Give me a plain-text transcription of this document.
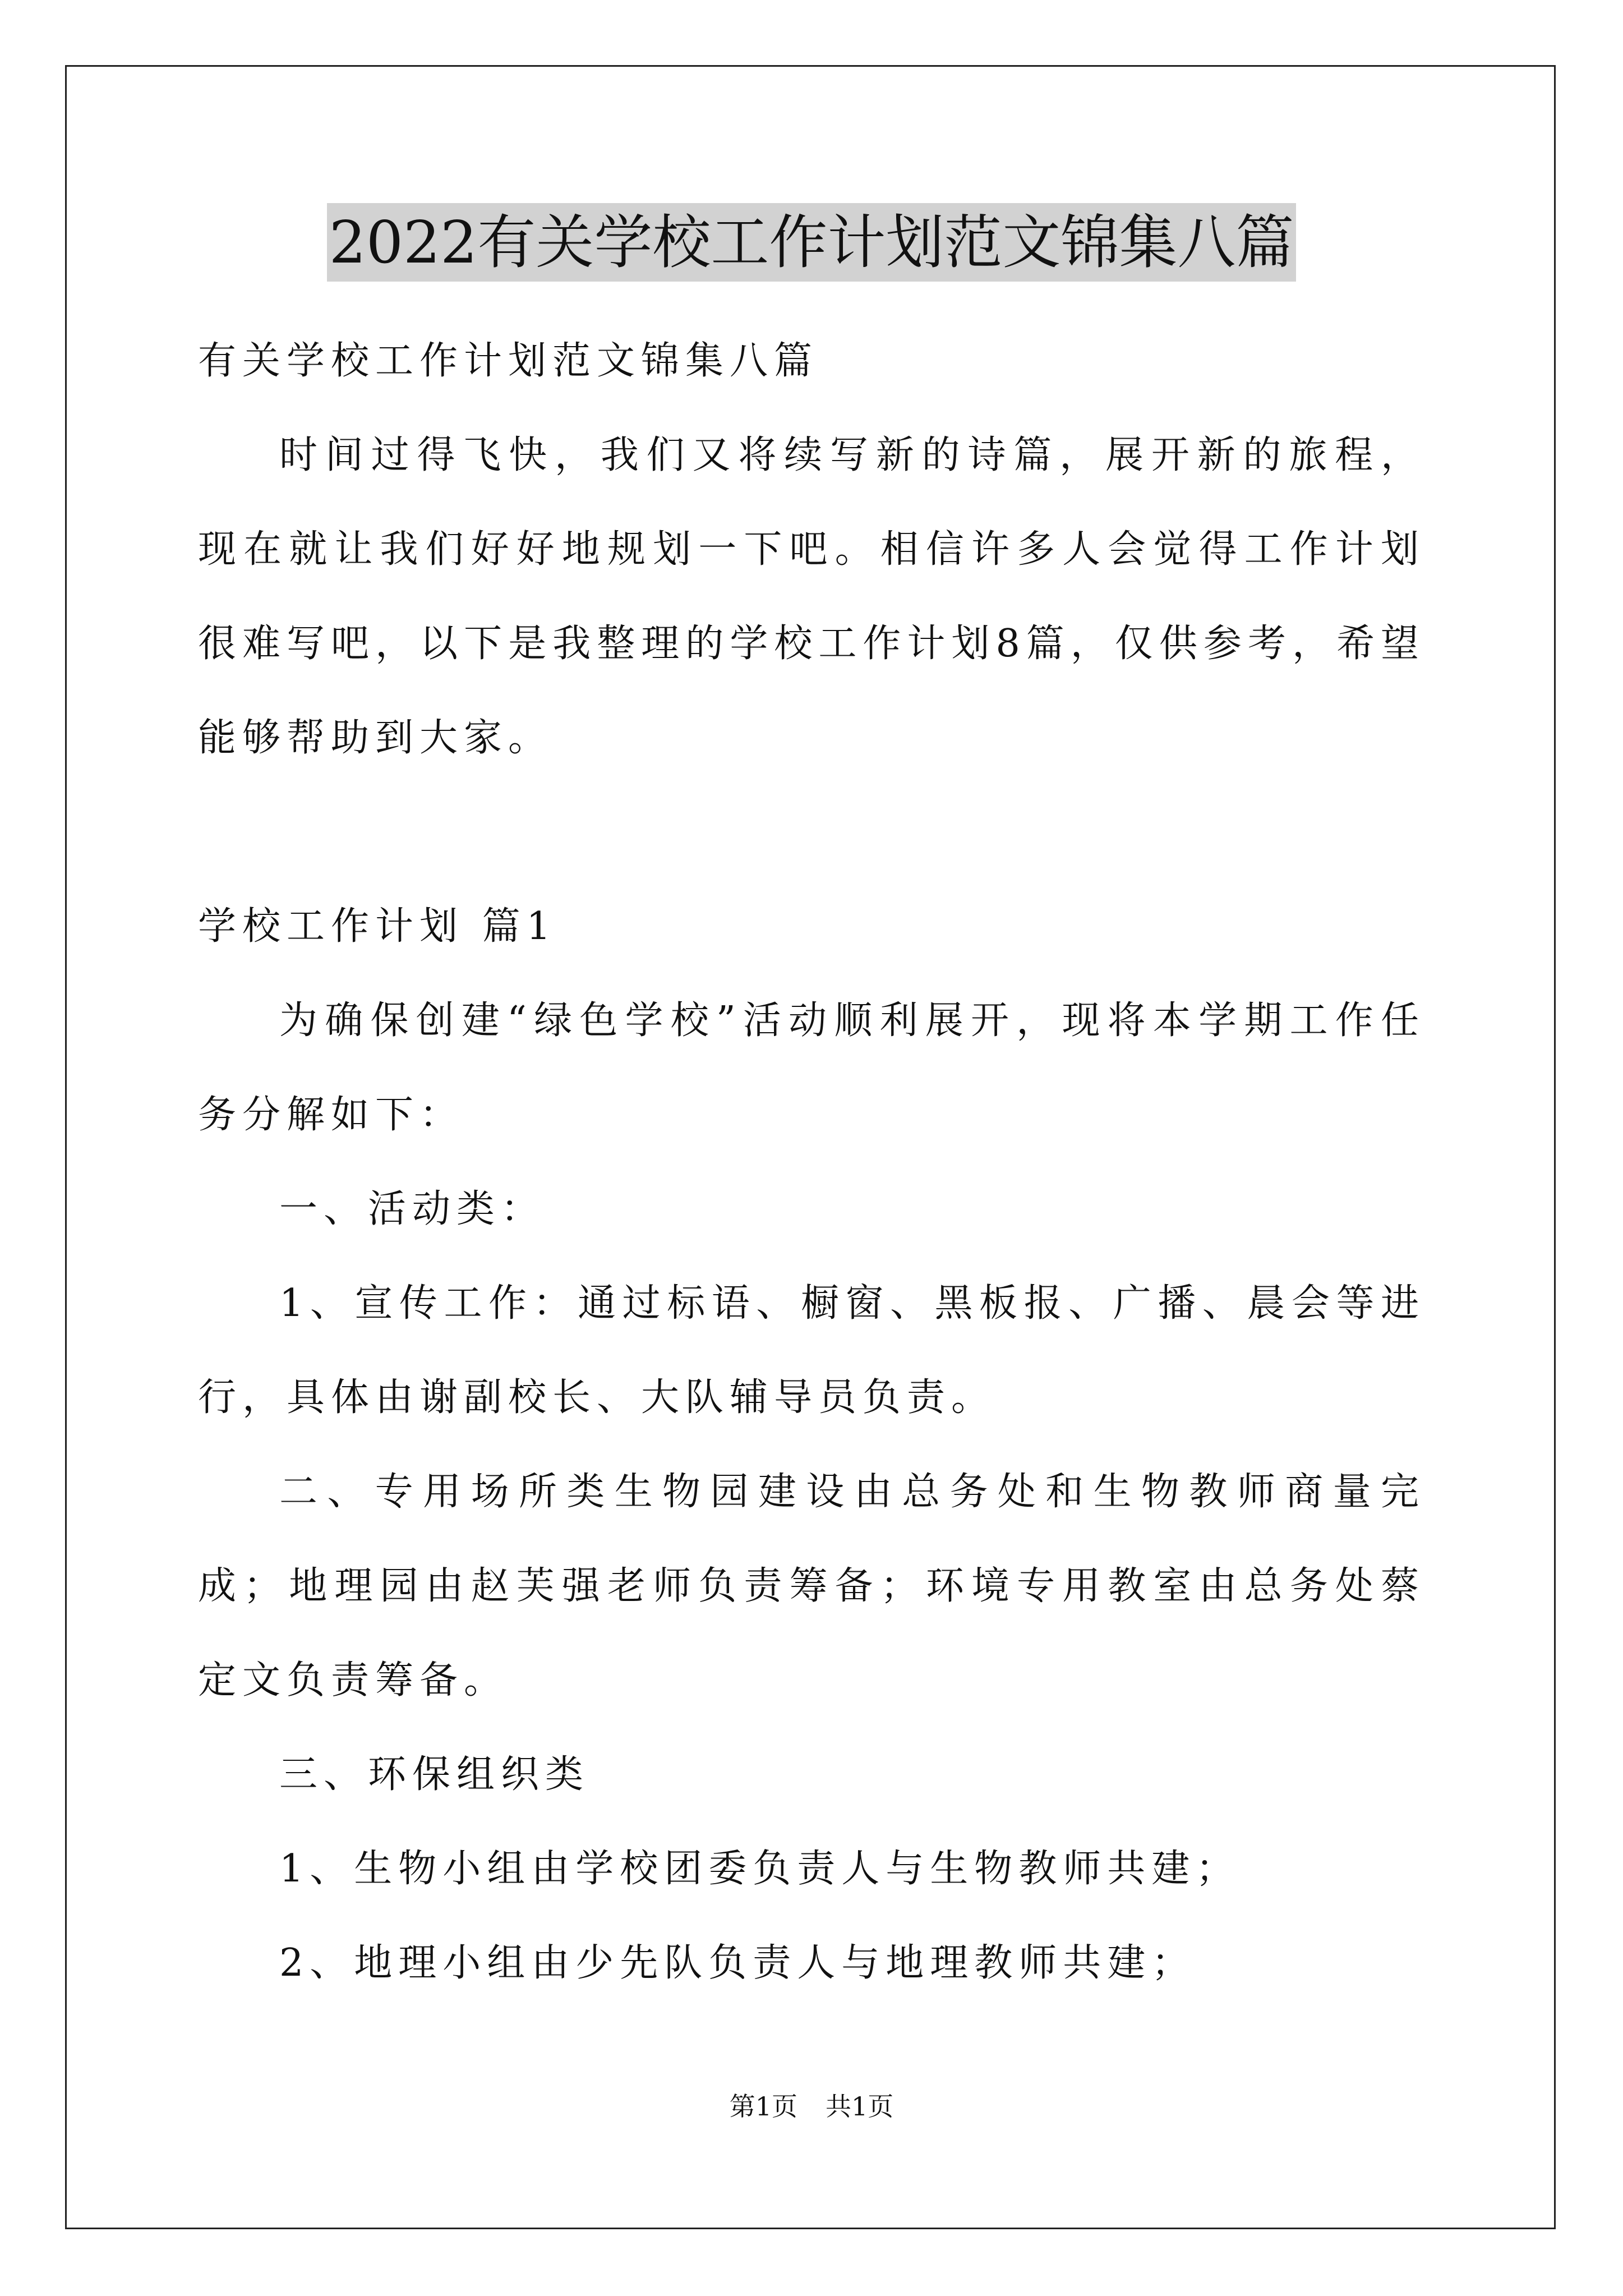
2022有关学校工作计划范文锦集八篇

有关学校工作计划范文锦集八篇

时间过得飞快，我们又将续写新的诗篇，展开新的旅程，现在就让我们好好地规划一下吧。相信许多人会觉得工作计划很难写吧，以下是我整理的学校工作计划8篇，仅供参考，希望能够帮助到大家。

学校工作计划 篇1

为确保创建“绿色学校”活动顺利展开，现将本学期工作任务分解如下：

一、活动类：

1、宣传工作：通过标语、橱窗、黑板报、广播、晨会等进行，具体由谢副校长、大队辅导员负责。

二、专用场所类生物园建设由总务处和生物教师商量完成；地理园由赵芙强老师负责筹备；环境专用教室由总务处蔡定文负责筹备。

三、环保组织类

1、生物小组由学校团委负责人与生物教师共建；

2、地理小组由少先队负责人与地理教师共建；

第1页 共1页
